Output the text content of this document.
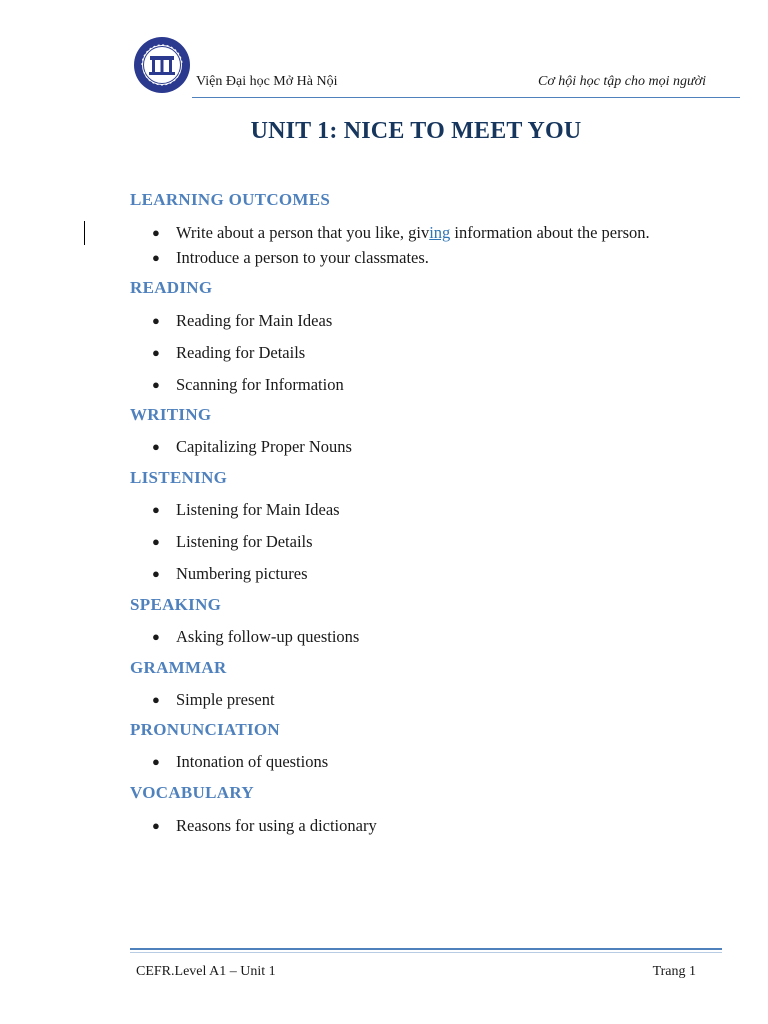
Viện Đại học Mở Hà Nội	Cơ hội học tập cho mọi người
UNIT 1: NICE TO MEET YOU
LEARNING OUTCOMES
● Write about a person that you like, giving information about the person.
● Introduce a person to your classmates.
READING
● Reading for Main Ideas
● Reading for Details
● Scanning for Information
WRITING
● Capitalizing Proper Nouns
LISTENING
● Listening for Main Ideas
● Listening for Details
● Numbering pictures
SPEAKING
● Asking follow-up questions
GRAMMAR
● Simple present
PRONUNCIATION
● Intonation of questions
VOCABULARY
● Reasons for using a dictionary
CEFR.Level A1 – Unit 1	Trang 1
